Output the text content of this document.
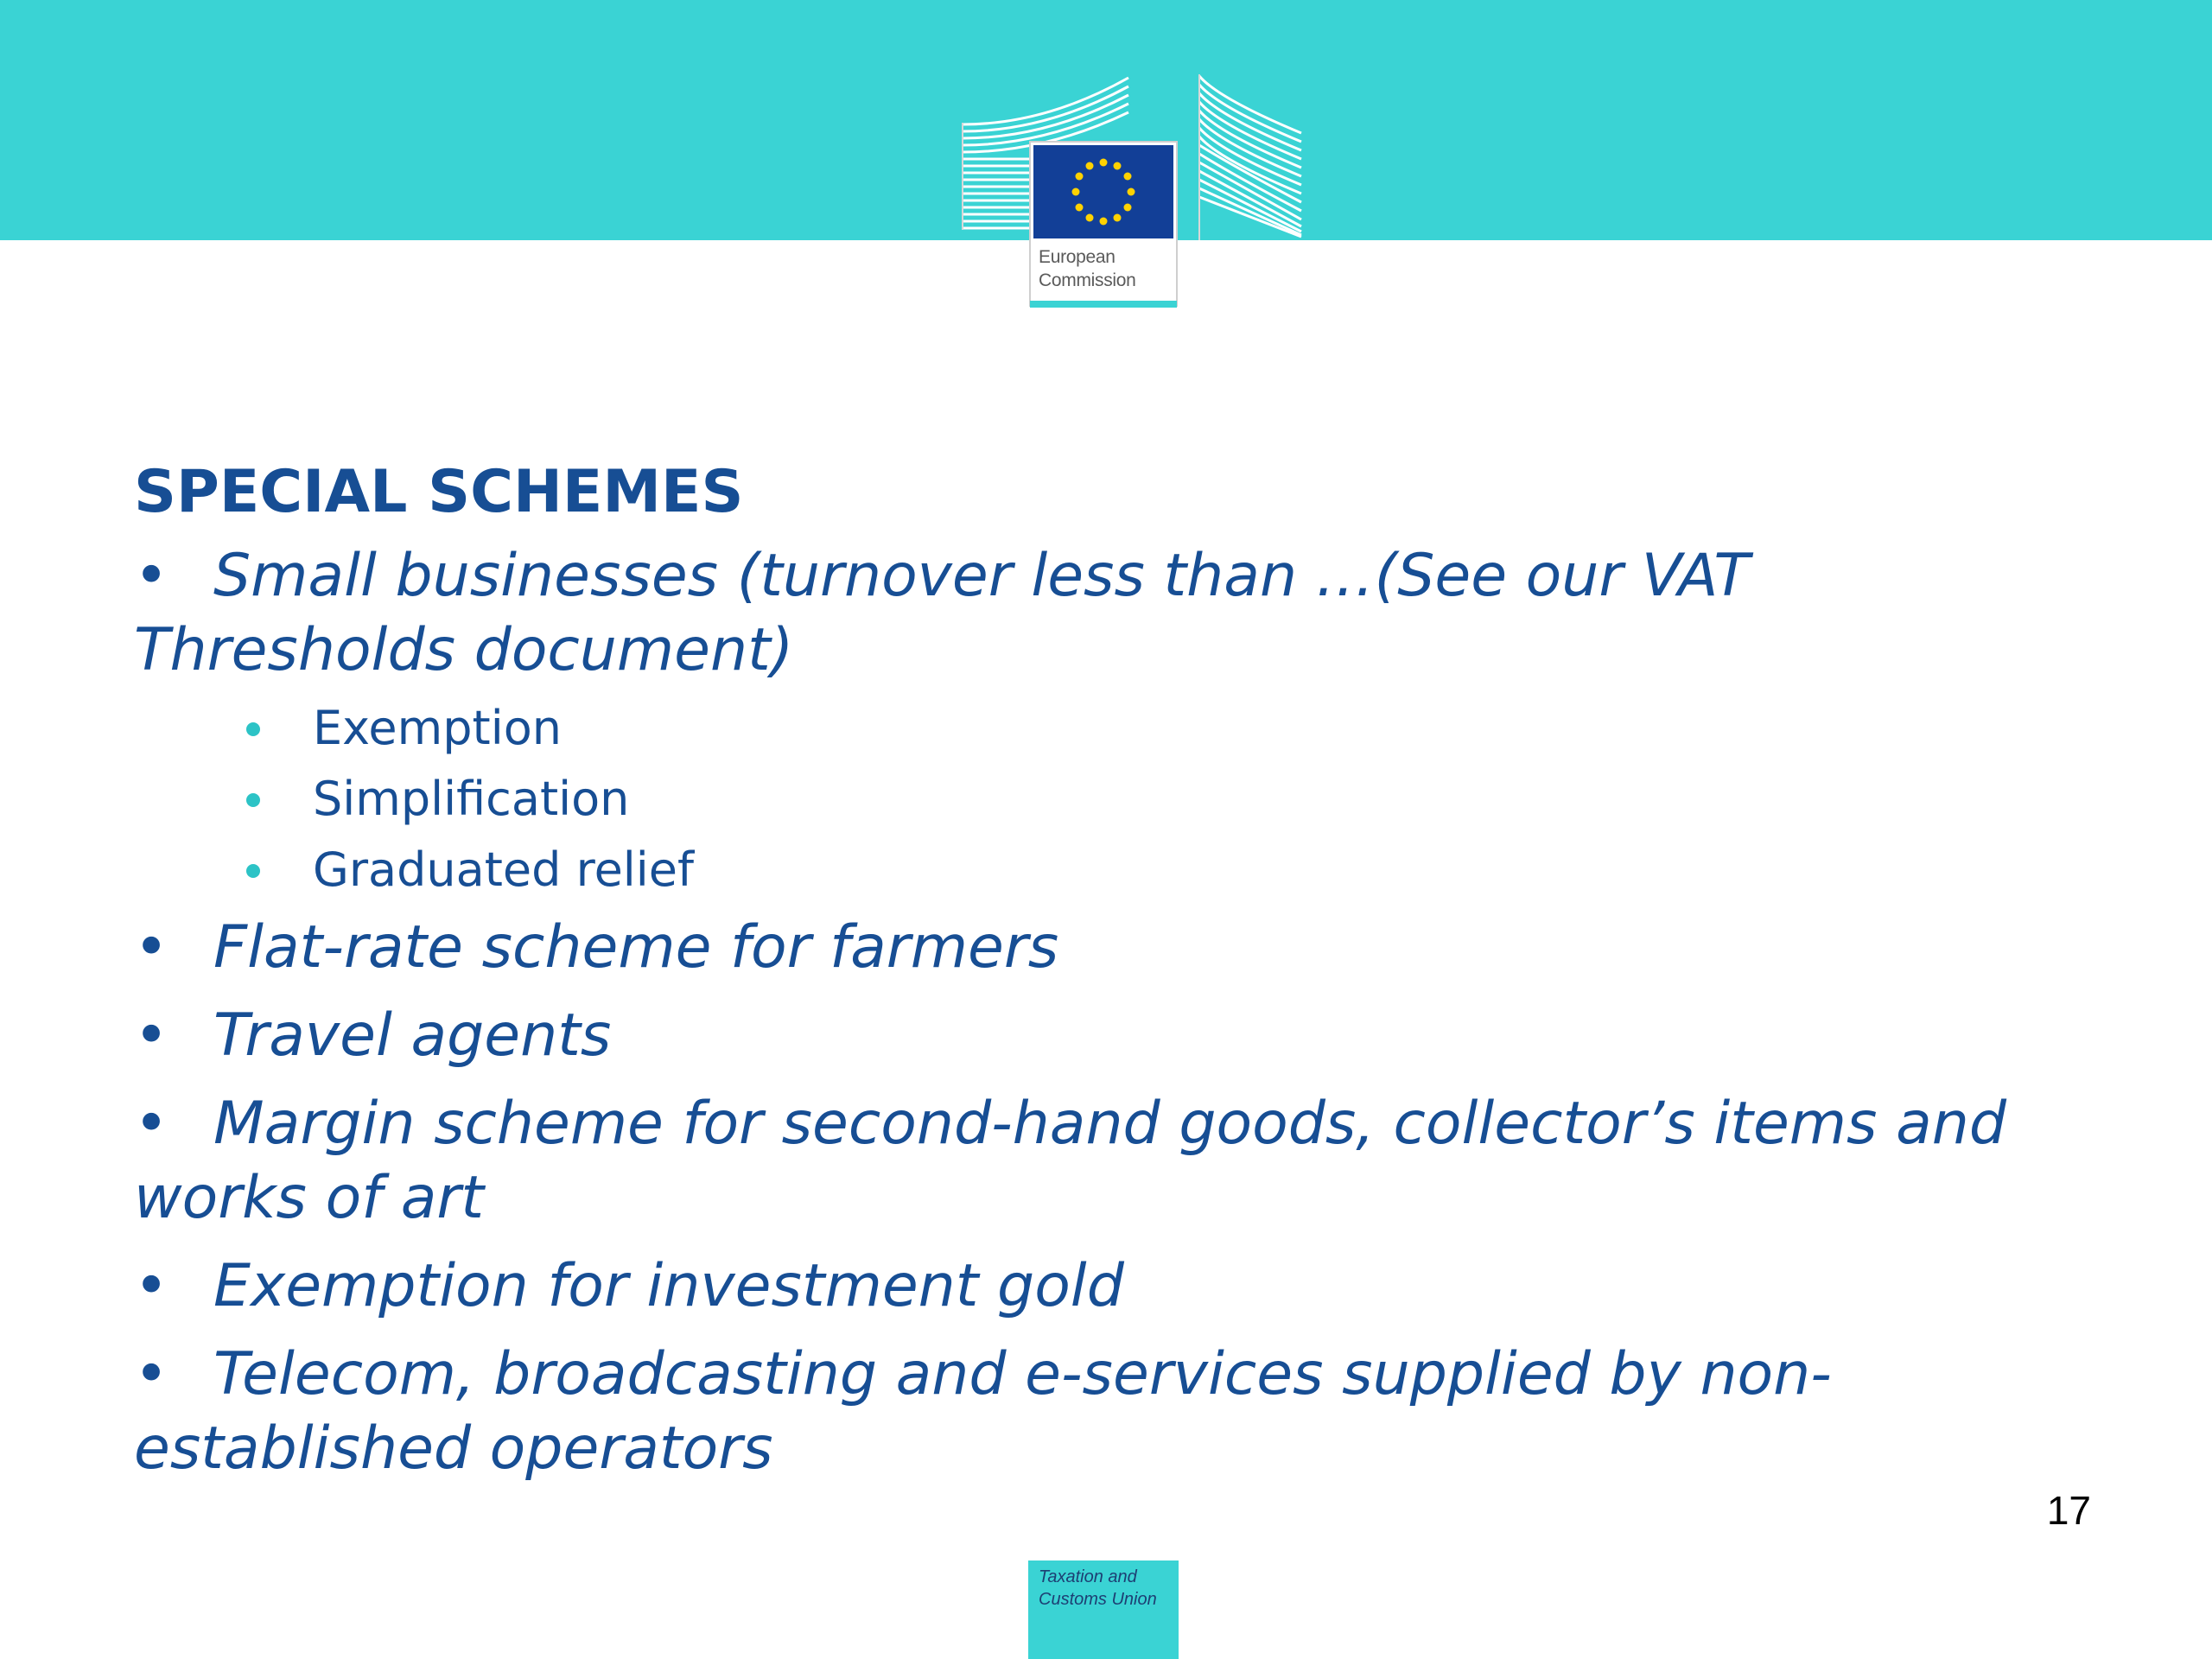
European
Commission
SPECIAL SCHEMES

• Small businesses (turnover less than …(See our VAT Thresholds document)

Exemption
Simplification
Graduated relief

• Flat-rate scheme for farmers

• Travel agents

• Margin scheme for second-hand goods, collector’s items and works of art

• Exemption for investment gold

• Telecom, broadcasting and e-services supplied by non-established operators

17
Taxation and
Customs Union
